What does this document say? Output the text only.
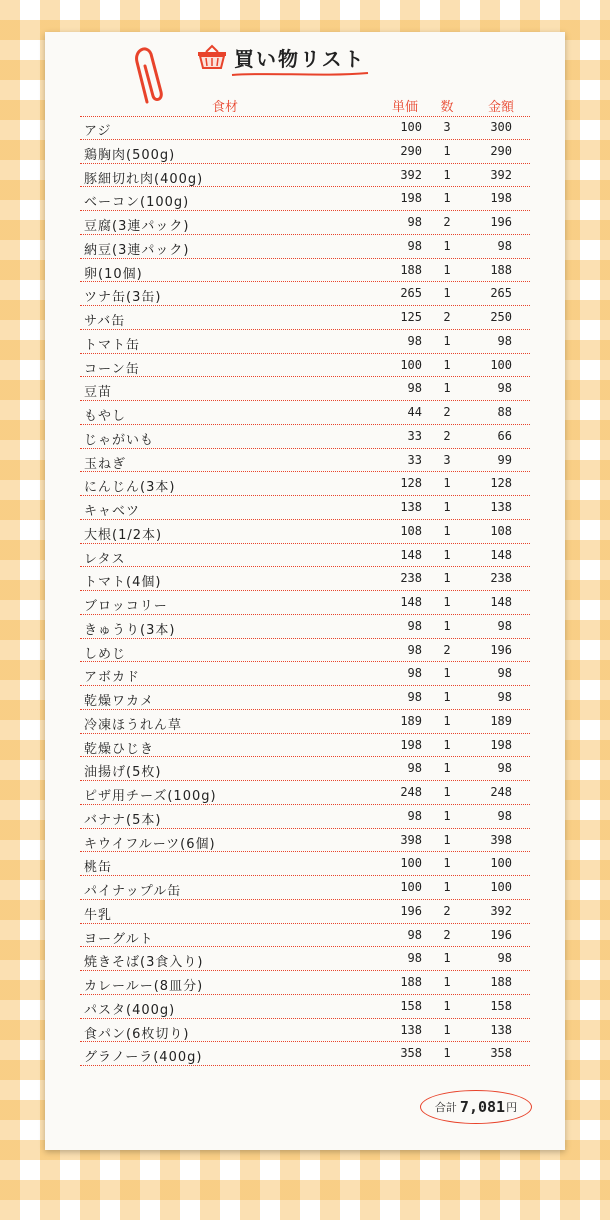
買い物リスト
食材	単価	数	金額
アジ	100	3	300
鶏胸肉(500g)	290	1	290
豚細切れ肉(400g)	392	1	392
ベーコン(100g)	198	1	198
豆腐(3連パック)	98	2	196
納豆(3連パック)	98	1	98
卵(10個)	188	1	188
ツナ缶(3缶)	265	1	265
サバ缶	125	2	250
トマト缶	98	1	98
コーン缶	100	1	100
豆苗	98	1	98
もやし	44	2	88
じゃがいも	33	2	66
玉ねぎ	33	3	99
にんじん(3本)	128	1	128
キャベツ	138	1	138
大根(1/2本)	108	1	108
レタス	148	1	148
トマト(4個)	238	1	238
ブロッコリー	148	1	148
きゅうり(3本)	98	1	98
しめじ	98	2	196
アボカド	98	1	98
乾燥ワカメ	98	1	98
冷凍ほうれん草	189	1	189
乾燥ひじき	198	1	198
油揚げ(5枚)	98	1	98
ピザ用チーズ(100g)	248	1	248
バナナ(5本)	98	1	98
キウイフルーツ(6個)	398	1	398
桃缶	100	1	100
パイナップル缶	100	1	100
牛乳	196	2	392
ヨーグルト	98	2	196
焼きそば(3食入り)	98	1	98
カレールー(8皿分)	188	1	188
パスタ(400g)	158	1	158
食パン(6枚切り)	138	1	138
グラノーラ(400g)	358	1	358
合計 7,081 円
